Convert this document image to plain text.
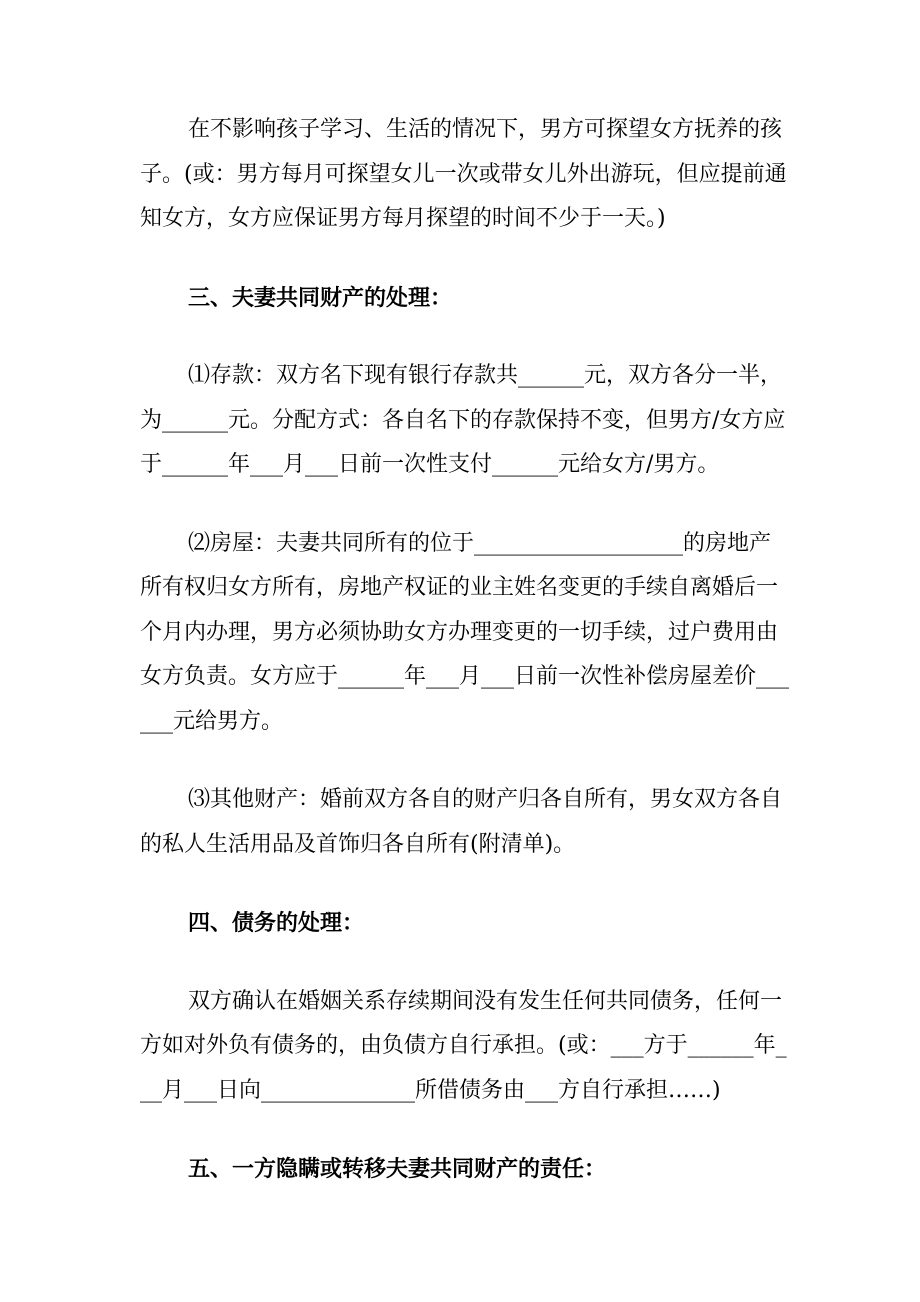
在不影响孩子学习、生活的情况下，男方可探望女方抚养的孩子。(或：男方每月可探望女儿一次或带女儿外出游玩，但应提前通知女方，女方应保证男方每月探望的时间不少于一天。)

三、夫妻共同财产的处理：

⑴存款：双方名下现有银行存款共______元，双方各分一半，为______元。分配方式：各自名下的存款保持不变，但男方/女方应于______年___月___日前一次性支付______元给女方/男方。

⑵房屋：夫妻共同所有的位于___________________的房地产所有权归女方所有，房地产权证的业主姓名变更的手续自离婚后一个月内办理，男方必须协助女方办理变更的一切手续，过户费用由女方负责。女方应于______年___月___日前一次性补偿房屋差价______元给男方。

⑶其他财产：婚前双方各自的财产归各自所有，男女双方各自的私人生活用品及首饰归各自所有(附清单)。

四、债务的处理：

双方确认在婚姻关系存续期间没有发生任何共同债务，任何一方如对外负有债务的，由负债方自行承担。(或：___方于______年___月___日向______________所借债务由___方自行承担……)

五、一方隐瞒或转移夫妻共同财产的责任：
